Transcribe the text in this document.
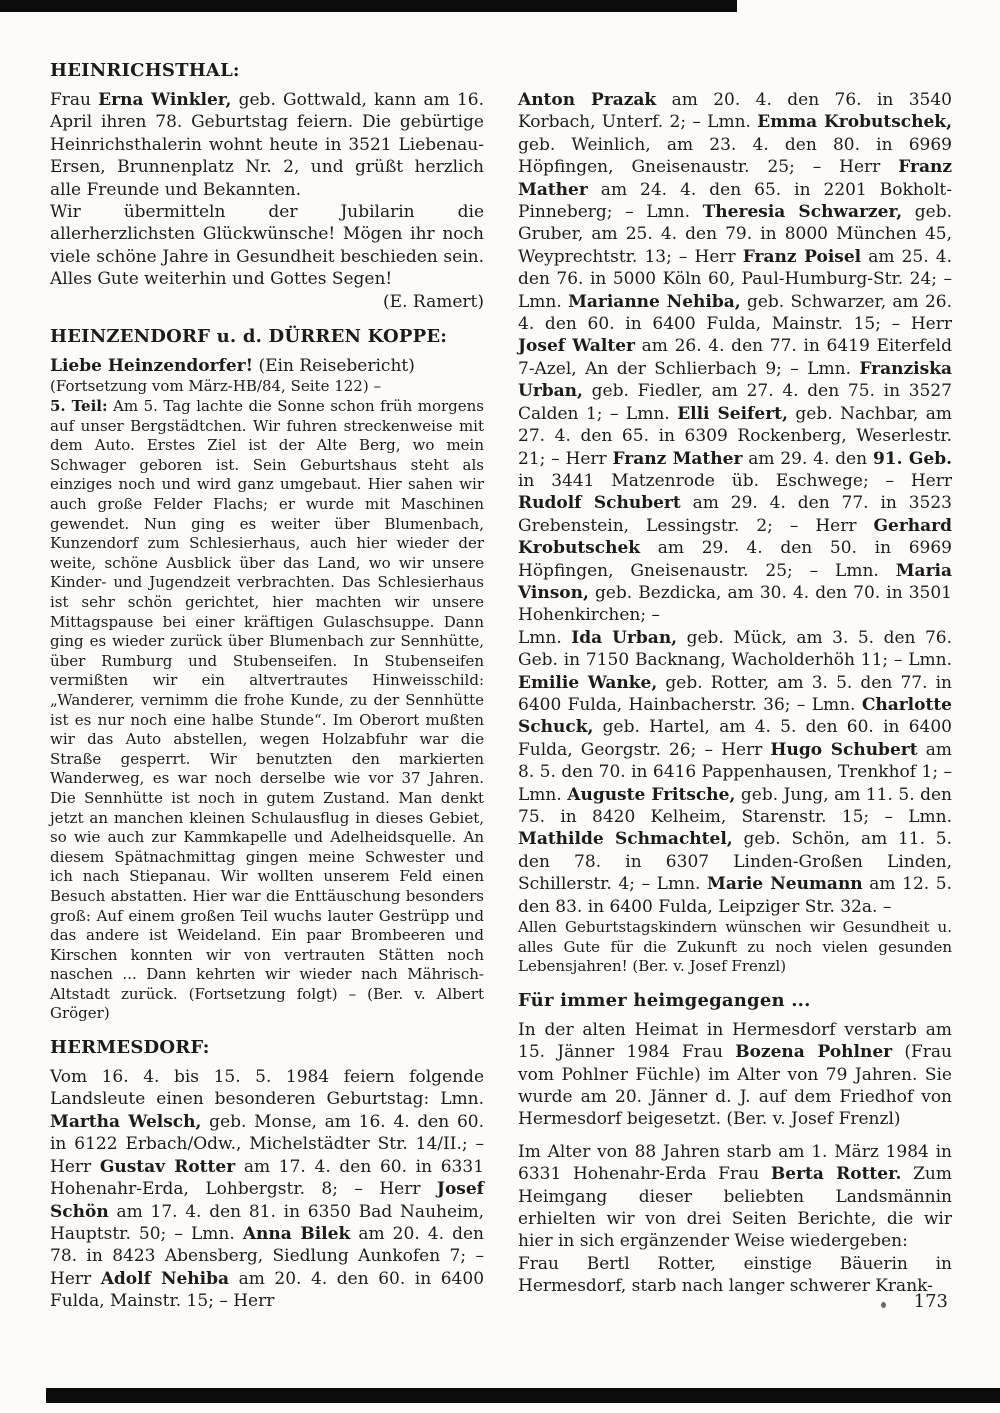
HEINRICHSTHAL:

Frau Erna Winkler, geb. Gottwald, kann am 16. April ihren 78. Geburtstag feiern. Die gebürtige Heinrichsthalerin wohnt heute in 3521 Liebenau-Ersen, Brunnenplatz Nr. 2, und grüßt herzlich alle Freunde und Bekannten.

Wir übermitteln der Jubilarin die allerherzlichsten Glückwünsche! Mögen ihr noch viele schöne Jahre in Gesundheit beschieden sein. Alles Gute weiterhin und Gottes Segen!

(E. Ramert)

HEINZENDORF u. d. DÜRREN KOPPE:

Liebe Heinzendorfer! (Ein Reisebericht)

(Fortsetzung vom März-HB/84, Seite 122) –

5. Teil: Am 5. Tag lachte die Sonne schon früh morgens auf unser Bergstädtchen. Wir fuhren streckenweise mit dem Auto. Erstes Ziel ist der Alte Berg, wo mein Schwager geboren ist. Sein Geburtshaus steht als einziges noch und wird ganz umgebaut. Hier sahen wir auch große Felder Flachs; er wurde mit Maschinen gewendet. Nun ging es weiter über Blumenbach, Kunzendorf zum Schlesierhaus, auch hier wieder der weite, schöne Ausblick über das Land, wo wir unsere Kinder- und Jugendzeit verbrachten. Das Schlesierhaus ist sehr schön gerichtet, hier machten wir unsere Mittagspause bei einer kräftigen Gulaschsuppe. Dann ging es wieder zurück über Blumenbach zur Sennhütte, über Rumburg und Stubenseifen. In Stubenseifen vermißten wir ein altvertrautes Hinweisschild: „Wanderer, vernimm die frohe Kunde, zu der Sennhütte ist es nur noch eine halbe Stunde“. Im Oberort mußten wir das Auto abstellen, wegen Holzabfuhr war die Straße gesperrt. Wir benutzten den markierten Wanderweg, es war noch derselbe wie vor 37 Jahren. Die Sennhütte ist noch in gutem Zustand. Man denkt jetzt an manchen kleinen Schulausflug in dieses Gebiet, so wie auch zur Kammkapelle und Adelheidsquelle. An diesem Spätnachmittag gingen meine Schwester und ich nach Stiepanau. Wir wollten unserem Feld einen Besuch abstatten. Hier war die Enttäuschung besonders groß: Auf einem großen Teil wuchs lauter Gestrüpp und das andere ist Weideland. Ein paar Brombeeren und Kirschen konnten wir von vertrauten Stätten noch naschen ... Dann kehrten wir wieder nach Mährisch-Altstadt zurück. (Fortsetzung folgt) – (Ber. v. Albert Gröger)

HERMESDORF:

Vom 16. 4. bis 15. 5. 1984 feiern folgende Landsleute einen besonderen Geburtstag: Lmn. Martha Welsch, geb. Monse, am 16. 4. den 60. in 6122 Erbach/Odw., Michelstädter Str. 14/II.; – Herr Gustav Rotter am 17. 4. den 60. in 6331 Hohenahr-Erda, Lohbergstr. 8; – Herr Josef Schön am 17. 4. den 81. in 6350 Bad Nauheim, Hauptstr. 50; – Lmn. Anna Bilek am 20. 4. den 78. in 8423 Abensberg, Siedlung Aunkofen 7; – Herr Adolf Nehiba am 20. 4. den 60. in 6400 Fulda, Mainstr. 15; – Herr

Anton Prazak am 20. 4. den 76. in 3540 Korbach, Unterf. 2; – Lmn. Emma Krobutschek, geb. Weinlich, am 23. 4. den 80. in 6969 Höpfingen, Gneisenaustr. 25; – Herr Franz Mather am 24. 4. den 65. in 2201 Bokholt-Pinneberg; – Lmn. Theresia Schwarzer, geb. Gruber, am 25. 4. den 79. in 8000 München 45, Weyprechtstr. 13; – Herr Franz Poisel am 25. 4. den 76. in 5000 Köln 60, Paul-Humburg-Str. 24; – Lmn. Marianne Nehiba, geb. Schwarzer, am 26. 4. den 60. in 6400 Fulda, Mainstr. 15; – Herr Josef Walter am 26. 4. den 77. in 6419 Eiterfeld 7-Azel, An der Schlierbach 9; – Lmn. Franziska Urban, geb. Fiedler, am 27. 4. den 75. in 3527 Calden 1; – Lmn. Elli Seifert, geb. Nachbar, am 27. 4. den 65. in 6309 Rockenberg, Weserlestr. 21; – Herr Franz Mather am 29. 4. den 91. Geb. in 3441 Matzenrode üb. Eschwege; – Herr Rudolf Schubert am 29. 4. den 77. in 3523 Grebenstein, Lessingstr. 2; – Herr Gerhard Krobutschek am 29. 4. den 50. in 6969 Höpfingen, Gneisenaustr. 25; – Lmn. Maria Vinson, geb. Bezdicka, am 30. 4. den 70. in 3501 Hohenkirchen; –

Lmn. Ida Urban, geb. Mück, am 3. 5. den 76. Geb. in 7150 Backnang, Wacholderhöh 11; – Lmn. Emilie Wanke, geb. Rotter, am 3. 5. den 77. in 6400 Fulda, Hainbacherstr. 36; – Lmn. Charlotte Schuck, geb. Hartel, am 4. 5. den 60. in 6400 Fulda, Georgstr. 26; – Herr Hugo Schubert am 8. 5. den 70. in 6416 Pappenhausen, Trenkhof 1; – Lmn. Auguste Fritsche, geb. Jung, am 11. 5. den 75. in 8420 Kelheim, Starenstr. 15; – Lmn. Mathilde Schmachtel, geb. Schön, am 11. 5. den 78. in 6307 Linden-Großen Linden, Schillerstr. 4; – Lmn. Marie Neumann am 12. 5. den 83. in 6400 Fulda, Leipziger Str. 32a. –

Allen Geburtstagskindern wünschen wir Gesundheit u. alles Gute für die Zukunft zu noch vielen gesunden Lebensjahren! (Ber. v. Josef Frenzl)

Für immer heimgegangen ...

In der alten Heimat in Hermesdorf verstarb am 15. Jänner 1984 Frau Bozena Pohlner (Frau vom Pohlner Füchle) im Alter von 79 Jahren. Sie wurde am 20. Jänner d. J. auf dem Friedhof von Hermesdorf beigesetzt. (Ber. v. Josef Frenzl)

Im Alter von 88 Jahren starb am 1. März 1984 in 6331 Hohenahr-Erda Frau Berta Rotter. Zum Heimgang dieser beliebten Landsmännin erhielten wir von drei Seiten Berichte, die wir hier in sich ergänzender Weise wiedergeben:

Frau Bertl Rotter, einstige Bäuerin in Hermesdorf, starb nach langer schwerer Krank-

173
